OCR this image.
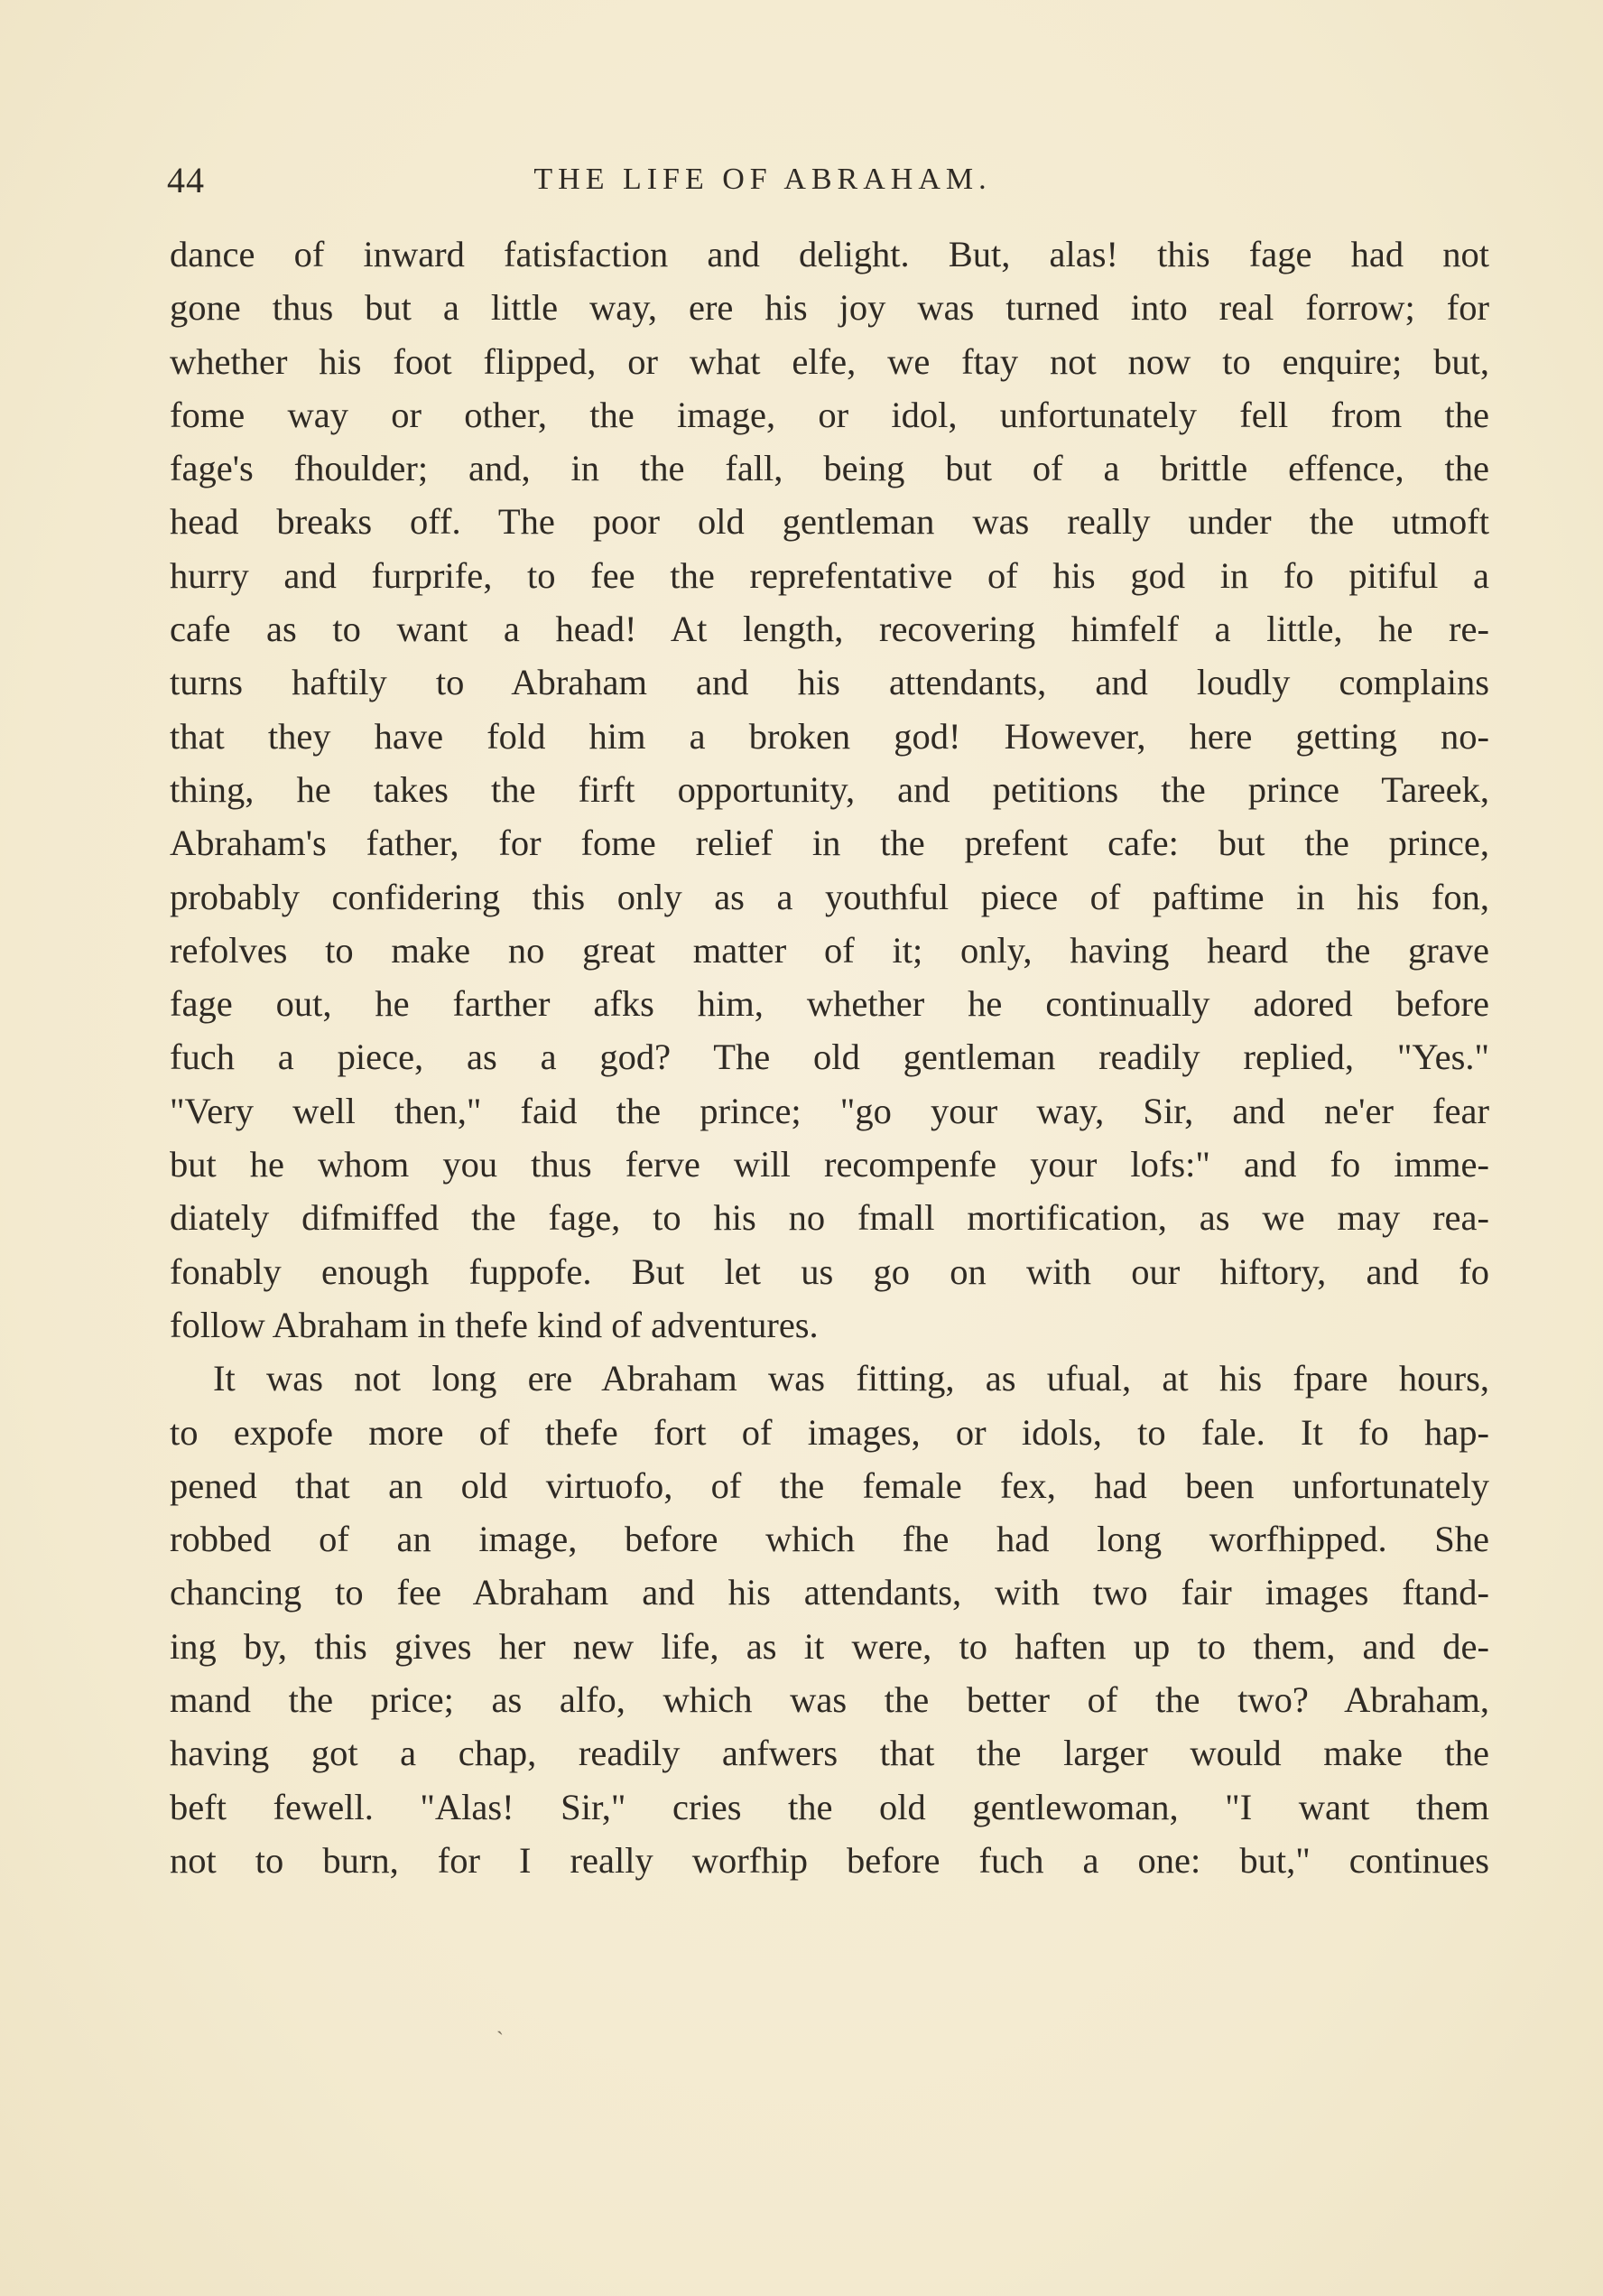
44	THE LIFE OF ABRAHAM.
dance of inward fatisfaction and delight. But, alas! this fage had not
gone thus but a little way, ere his joy was turned into real forrow; for
whether his foot flipped, or what elfe, we ftay not now to enquire; but,
fome way or other, the image, or idol, unfortunately fell from the
fage's fhoulder; and, in the fall, being but of a brittle effence, the
head breaks off. The poor old gentleman was really under the utmoft
hurry and furprife, to fee the reprefentative of his god in fo pitiful a
cafe as to want a head! At length, recovering himfelf a little, he re-
turns haftily to Abraham and his attendants, and loudly complains
that they have fold him a broken god! However, here getting no-
thing, he takes the firft opportunity, and petitions the prince Tareek,
Abraham's father, for fome relief in the prefent cafe: but the prince,
probably confidering this only as a youthful piece of paftime in his fon,
refolves to make no great matter of it; only, having heard the grave
fage out, he farther afks him, whether he continually adored before
fuch a piece, as a god? The old gentleman readily replied, "Yes."
"Very well then," faid the prince; "go your way, Sir, and ne'er fear
but he whom you thus ferve will recompenfe your lofs:" and fo imme-
diately difmiffed the fage, to his no fmall mortification, as we may rea-
fonably enough fuppofe. But let us go on with our hiftory, and fo
follow Abraham in thefe kind of adventures.
It was not long ere Abraham was fitting, as ufual, at his fpare hours,
to expofe more of thefe fort of images, or idols, to fale. It fo hap-
pened that an old virtuofo, of the female fex, had been unfortunately
robbed of an image, before which fhe had long worfhipped. She
chancing to fee Abraham and his attendants, with two fair images ftand-
ing by, this gives her new life, as it were, to haften up to them, and de-
mand the price; as alfo, which was the better of the two? Abraham,
having got a chap, readily anfwers that the larger would make the
beft fewell. "Alas! Sir," cries the old gentlewoman, "I want them
not to burn, for I really worfhip before fuch a one: but," continues
ˏ
